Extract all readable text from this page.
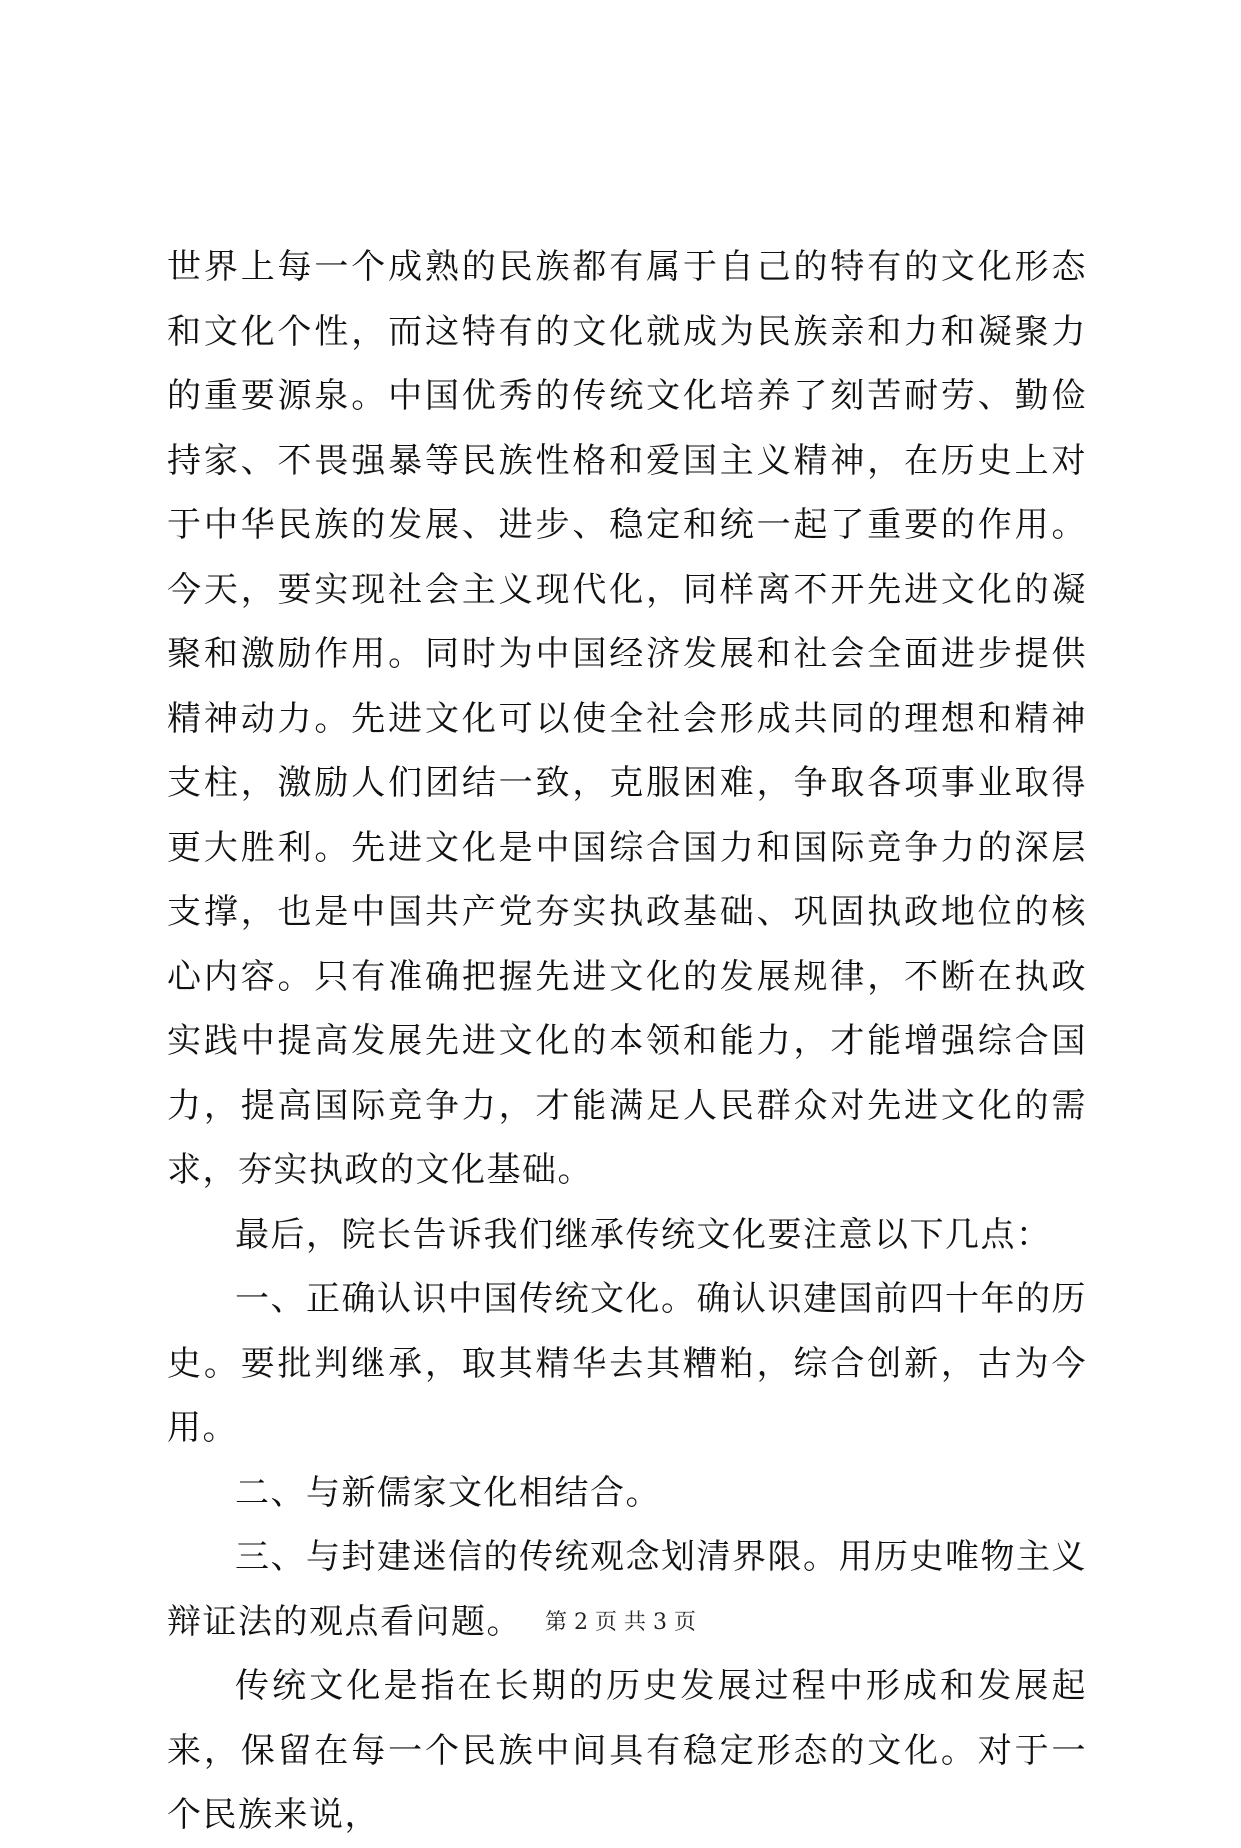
世界上每一个成熟的民族都有属于自己的特有的文化形态和文化个性，而这特有的文化就成为民族亲和力和凝聚力的重要源泉。中国优秀的传统文化培养了刻苦耐劳、勤俭持家、不畏强暴等民族性格和爱国主义精神，在历史上对于中华民族的发展、进步、稳定和统一起了重要的作用。今天，要实现社会主义现代化，同样离不开先进文化的凝聚和激励作用。同时为中国经济发展和社会全面进步提供精神动力。先进文化可以使全社会形成共同的理想和精神支柱，激励人们团结一致，克服困难，争取各项事业取得更大胜利。先进文化是中国综合国力和国际竞争力的深层支撑，也是中国共产党夯实执政基础、巩固执政地位的核心内容。只有准确把握先进文化的发展规律，不断在执政实践中提高发展先进文化的本领和能力，才能增强综合国力，提高国际竞争力，才能满足人民群众对先进文化的需求，夯实执政的文化基础。

最后，院长告诉我们继承传统文化要注意以下几点：

一、正确认识中国传统文化。确认识建国前四十年的历史。要批判继承，取其精华去其糟粕，综合创新，古为今用。

二、与新儒家文化相结合。

三、与封建迷信的传统观念划清界限。用历史唯物主义辩证法的观点看问题。

传统文化是指在长期的历史发展过程中形成和发展起来，保留在每一个民族中间具有稳定形态的文化。对于一个民族来说，

第 2 页 共 3 页
